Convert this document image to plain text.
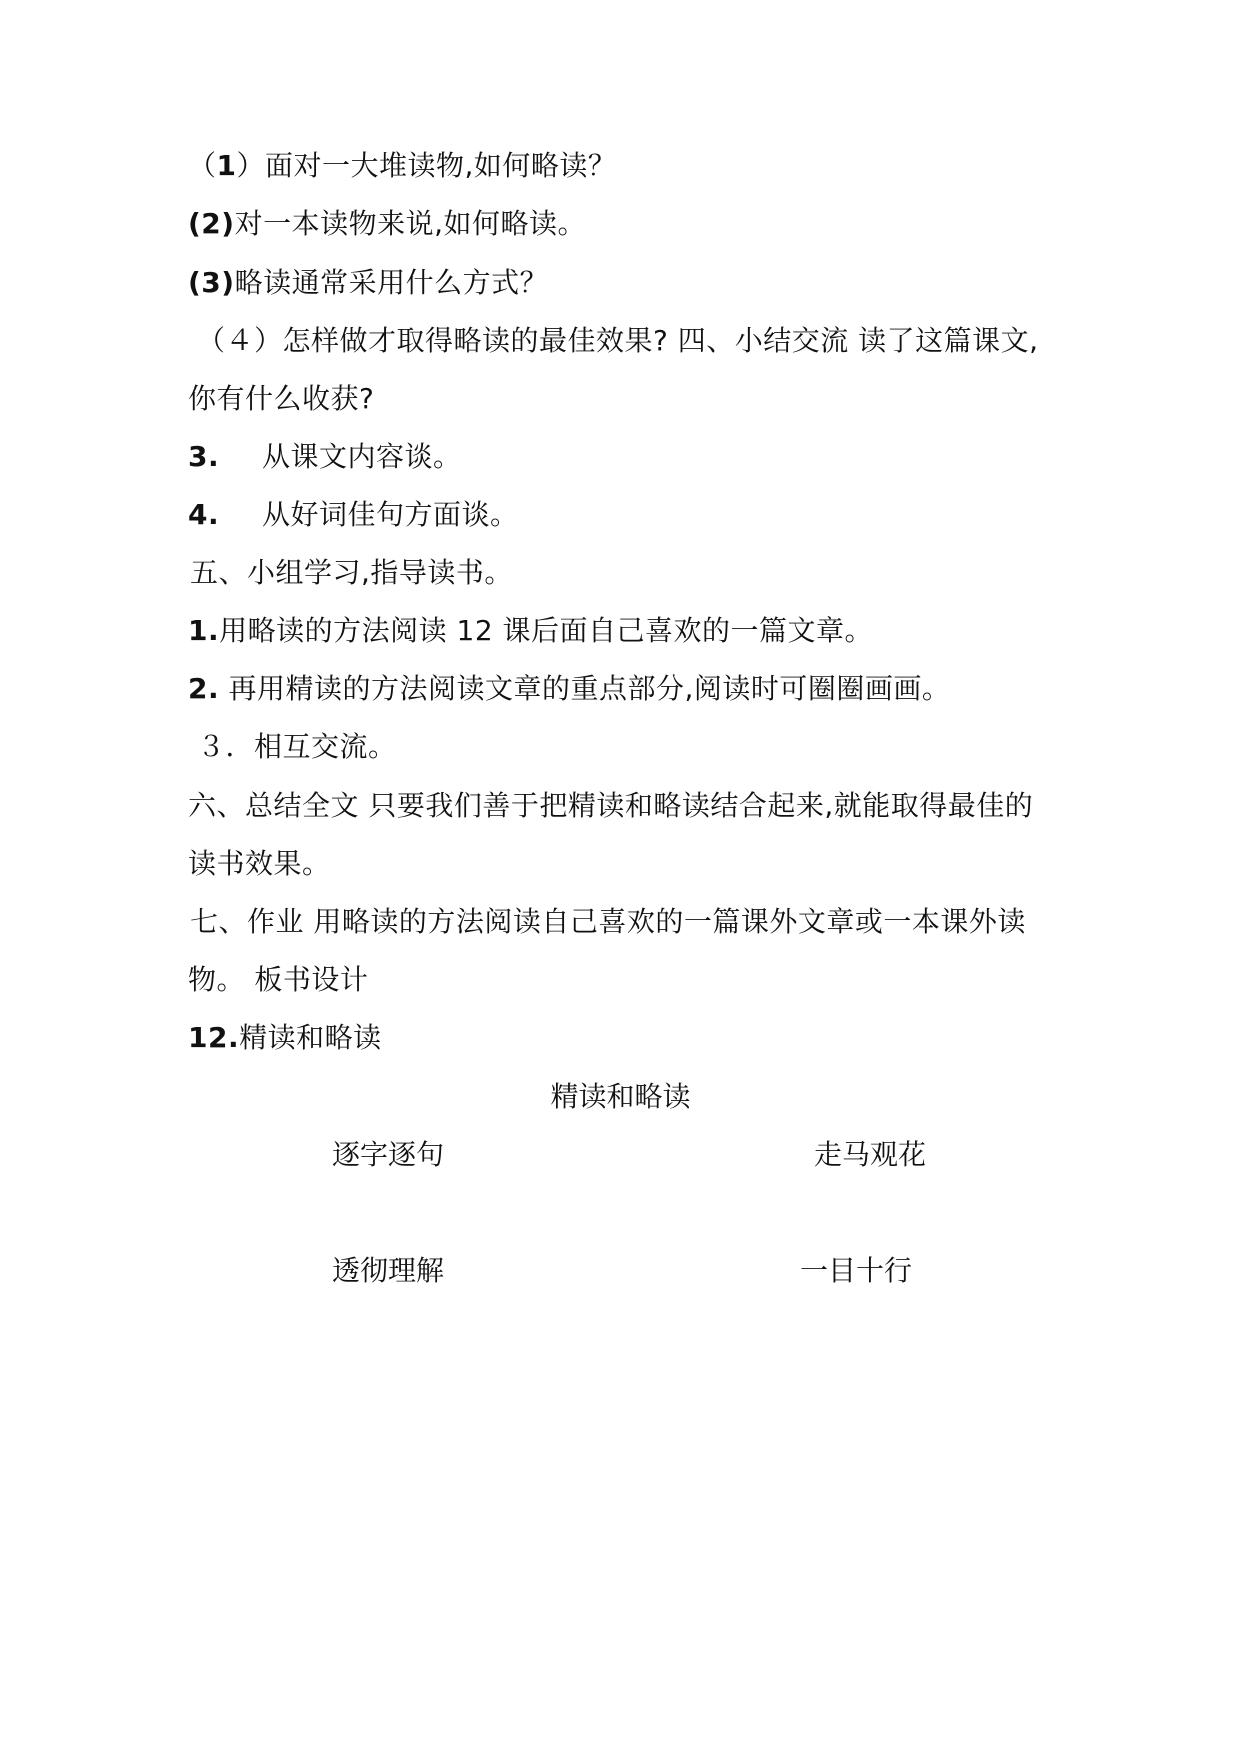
（1）面对一大堆读物,如何略读？
(2)对一本读物来说,如何略读。
(3)略读通常采用什么方式？
（４）怎样做才取得略读的最佳效果? 四、小结交流 读了这篇课文,
你有什么收获?
3. 从课文内容谈。
4. 从好词佳句方面谈。
五、小组学习,指导读书。
1.用略读的方法阅读 12 课后面自己喜欢的一篇文章。
2. 再用精读的方法阅读文章的重点部分,阅读时可圈圈画画。
３．相互交流。
六、总结全文 只要我们善于把精读和略读结合起来,就能取得最佳的
读书效果。
七、作业 用略读的方法阅读自己喜欢的一篇课外文章或一本课外读
物。 板书设计
12.精读和略读
精读和略读
逐字逐句	走马观花
透彻理解	一目十行
